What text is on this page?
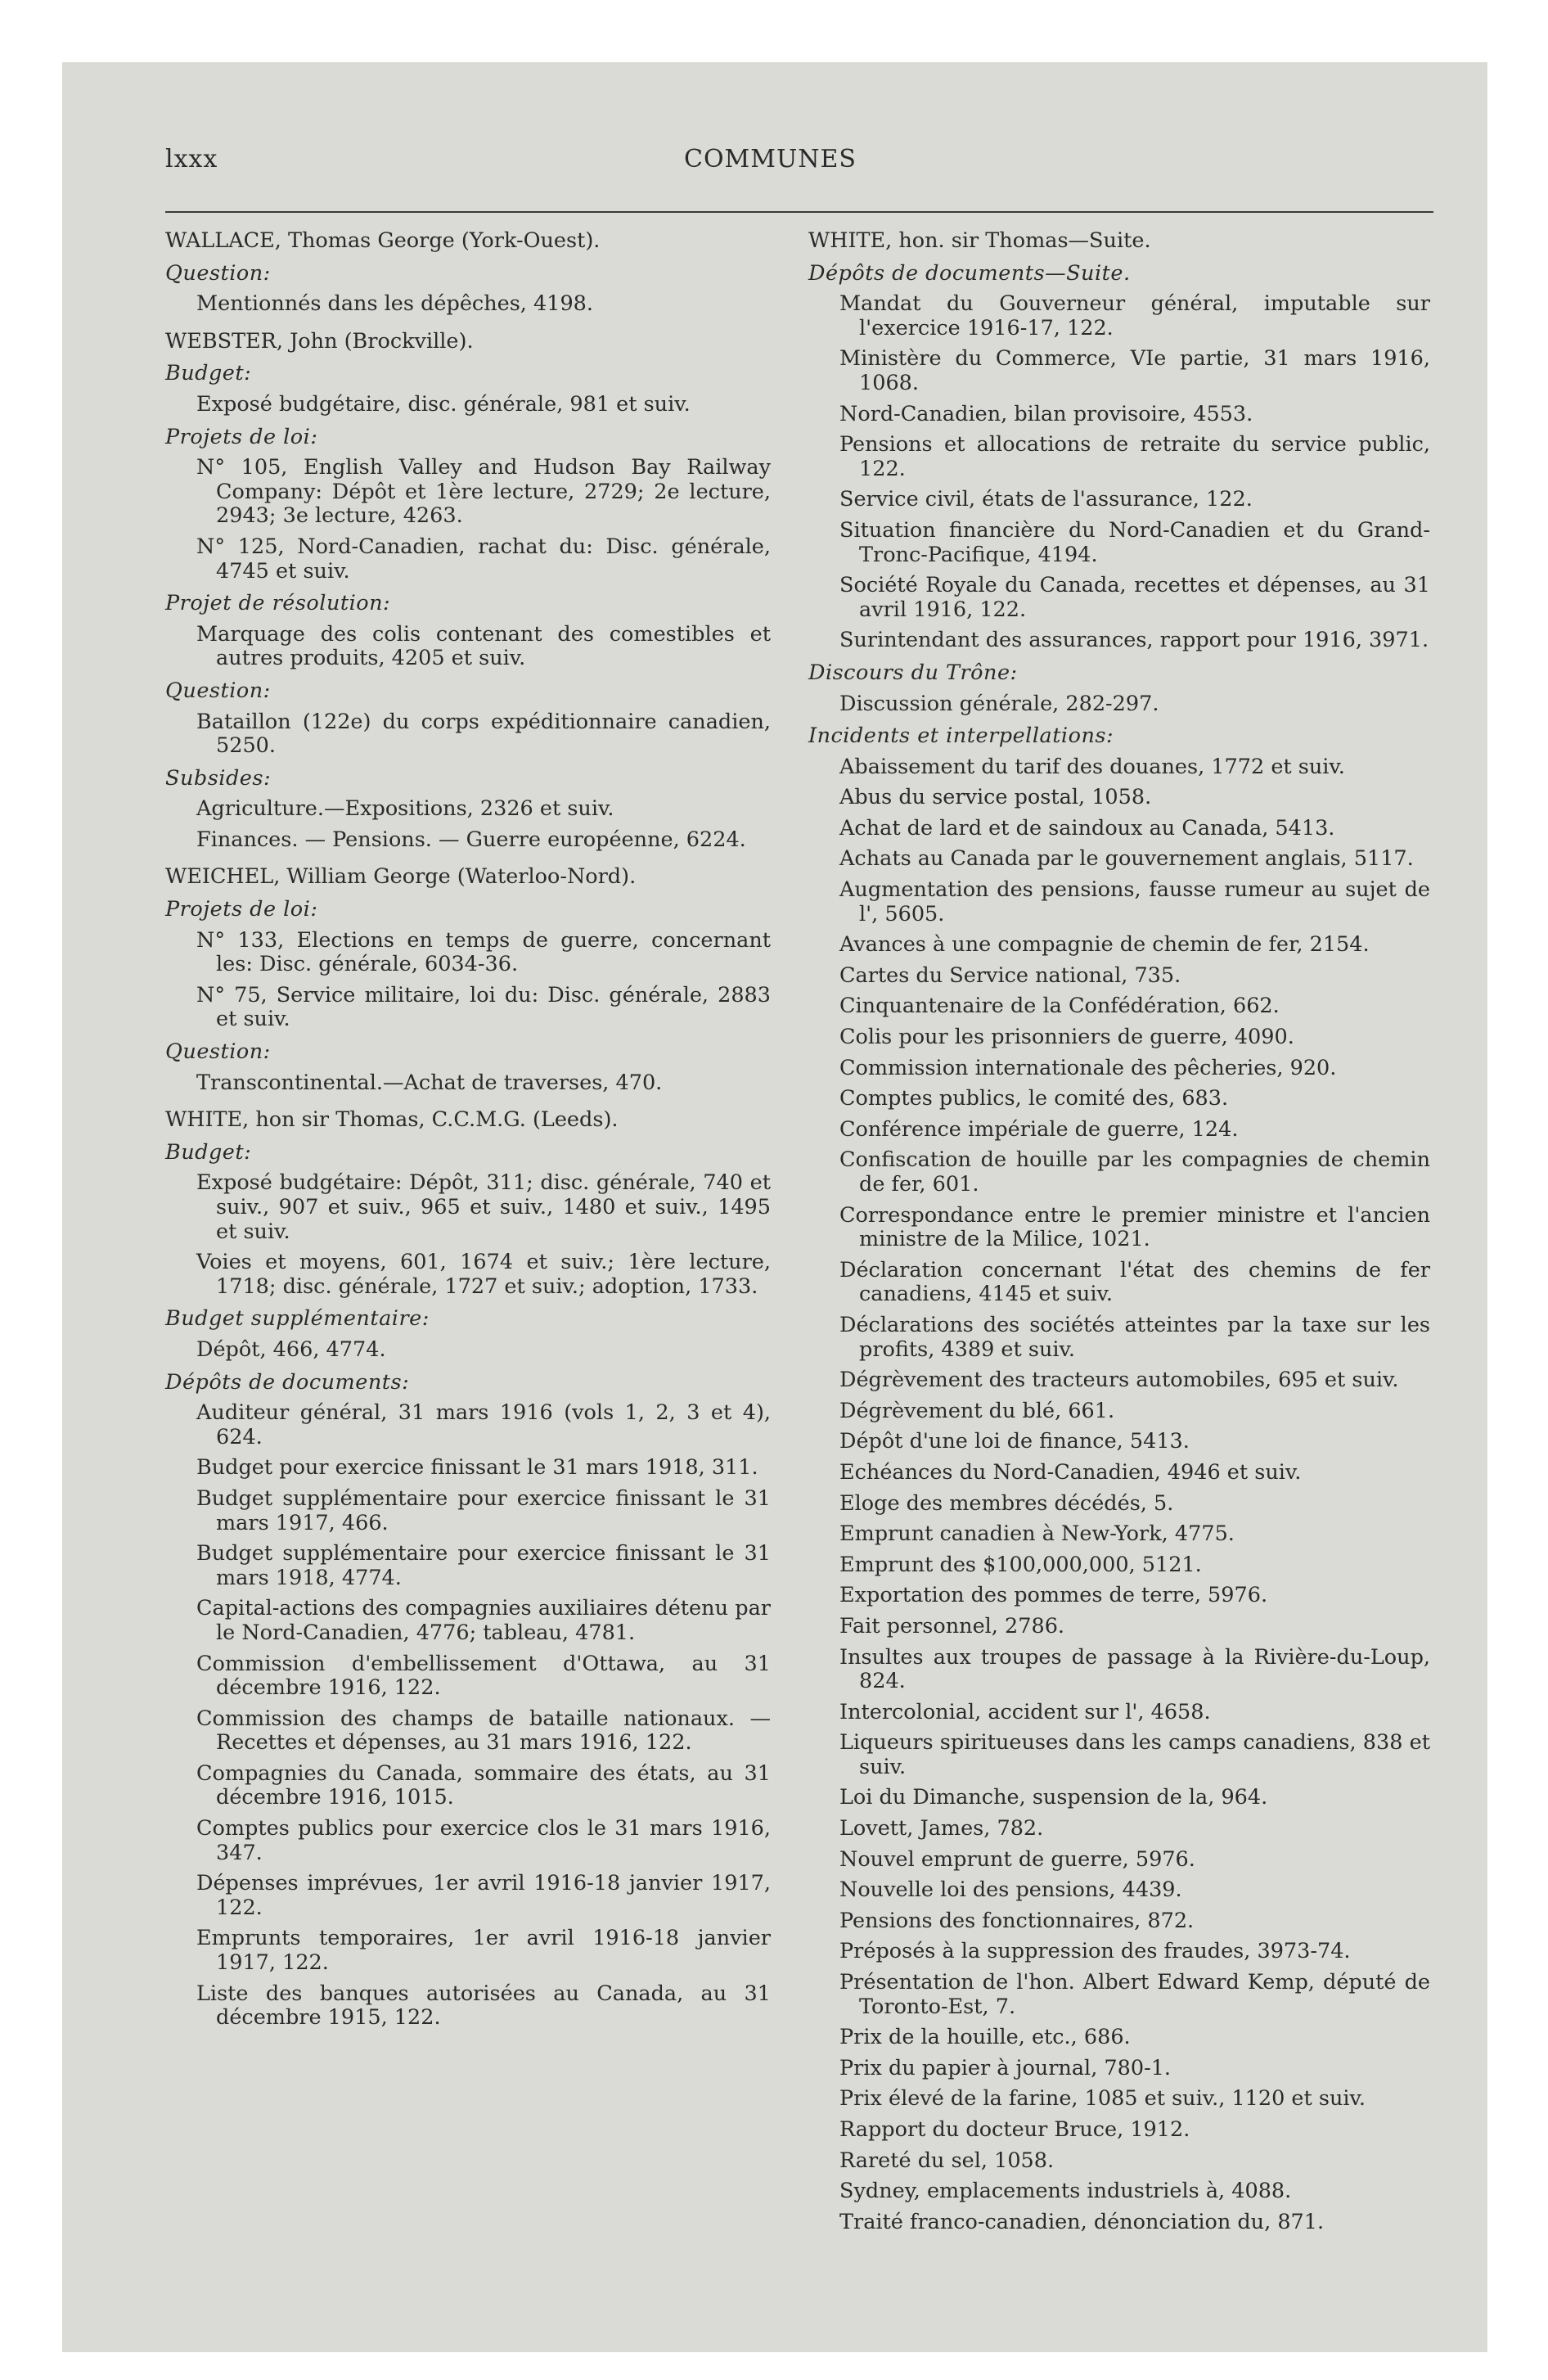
lxxx	COMMUNES

WALLACE, Thomas George (York-Ouest).

Question:

Mentionnés dans les dépêches, 4198.

WEBSTER, John (Brockville).

Budget:

Exposé budgétaire, disc. générale, 981 et suiv.

Projets de loi:

N° 105, English Valley and Hudson Bay Railway Company: Dépôt et 1ère lecture, 2729; 2e lecture, 2943; 3e lecture, 4263.

N° 125, Nord-Canadien, rachat du: Disc. générale, 4745 et suiv.

Projet de résolution:

Marquage des colis contenant des comestibles et autres produits, 4205 et suiv.

Question:

Bataillon (122e) du corps expéditionnaire canadien, 5250.

Subsides:

Agriculture.—Expositions, 2326 et suiv.

Finances. — Pensions. — Guerre européenne, 6224.

WEICHEL, William George (Waterloo-Nord).

Projets de loi:

N° 133, Elections en temps de guerre, concernant les: Disc. générale, 6034-36.

N° 75, Service militaire, loi du: Disc. générale, 2883 et suiv.

Question:

Transcontinental.—Achat de traverses, 470.

WHITE, hon sir Thomas, C.C.M.G. (Leeds).

Budget:

Exposé budgétaire: Dépôt, 311; disc. générale, 740 et suiv., 907 et suiv., 965 et suiv., 1480 et suiv., 1495 et suiv.

Voies et moyens, 601, 1674 et suiv.; 1ère lecture, 1718; disc. générale, 1727 et suiv.; adoption, 1733.

Budget supplémentaire:

Dépôt, 466, 4774.

Dépôts de documents:

Auditeur général, 31 mars 1916 (vols 1, 2, 3 et 4), 624.

Budget pour exercice finissant le 31 mars 1918, 311.

Budget supplémentaire pour exercice finissant le 31 mars 1917, 466.

Budget supplémentaire pour exercice finissant le 31 mars 1918, 4774.

Capital-actions des compagnies auxiliaires détenu par le Nord-Canadien, 4776; tableau, 4781.

Commission d'embellissement d'Ottawa, au 31 décembre 1916, 122.

Commission des champs de bataille nationaux. —Recettes et dépenses, au 31 mars 1916, 122.

Compagnies du Canada, sommaire des états, au 31 décembre 1916, 1015.

Comptes publics pour exercice clos le 31 mars 1916, 347.

Dépenses imprévues, 1er avril 1916-18 janvier 1917, 122.

Emprunts temporaires, 1er avril 1916-18 janvier 1917, 122.

Liste des banques autorisées au Canada, au 31 décembre 1915, 122.

WHITE, hon. sir Thomas—Suite.

Dépôts de documents—Suite.

Mandat du Gouverneur général, imputable sur l'exercice 1916-17, 122.

Ministère du Commerce, VIe partie, 31 mars 1916, 1068.

Nord-Canadien, bilan provisoire, 4553.

Pensions et allocations de retraite du service public, 122.

Service civil, états de l'assurance, 122.

Situation financière du Nord-Canadien et du Grand-Tronc-Pacifique, 4194.

Société Royale du Canada, recettes et dépenses, au 31 avril 1916, 122.

Surintendant des assurances, rapport pour 1916, 3971.

Discours du Trône:

Discussion générale, 282-297.

Incidents et interpellations:

Abaissement du tarif des douanes, 1772 et suiv.

Abus du service postal, 1058.

Achat de lard et de saindoux au Canada, 5413.

Achats au Canada par le gouvernement anglais, 5117.

Augmentation des pensions, fausse rumeur au sujet de l', 5605.

Avances à une compagnie de chemin de fer, 2154.

Cartes du Service national, 735.

Cinquantenaire de la Confédération, 662.

Colis pour les prisonniers de guerre, 4090.

Commission internationale des pêcheries, 920.

Comptes publics, le comité des, 683.

Conférence impériale de guerre, 124.

Confiscation de houille par les compagnies de chemin de fer, 601.

Correspondance entre le premier ministre et l'ancien ministre de la Milice, 1021.

Déclaration concernant l'état des chemins de fer canadiens, 4145 et suiv.

Déclarations des sociétés atteintes par la taxe sur les profits, 4389 et suiv.

Dégrèvement des tracteurs automobiles, 695 et suiv.

Dégrèvement du blé, 661.

Dépôt d'une loi de finance, 5413.

Echéances du Nord-Canadien, 4946 et suiv.

Eloge des membres décédés, 5.

Emprunt canadien à New-York, 4775.

Emprunt des $100,000,000, 5121.

Exportation des pommes de terre, 5976.

Fait personnel, 2786.

Insultes aux troupes de passage à la Rivière-du-Loup, 824.

Intercolonial, accident sur l', 4658.

Liqueurs spiritueuses dans les camps canadiens, 838 et suiv.

Loi du Dimanche, suspension de la, 964.

Lovett, James, 782.

Nouvel emprunt de guerre, 5976.

Nouvelle loi des pensions, 4439.

Pensions des fonctionnaires, 872.

Préposés à la suppression des fraudes, 3973-74.

Présentation de l'hon. Albert Edward Kemp, député de Toronto-Est, 7.

Prix de la houille, etc., 686.

Prix du papier à journal, 780-1.

Prix élevé de la farine, 1085 et suiv., 1120 et suiv.

Rapport du docteur Bruce, 1912.

Rareté du sel, 1058.

Sydney, emplacements industriels à, 4088.

Traité franco-canadien, dénonciation du, 871.
